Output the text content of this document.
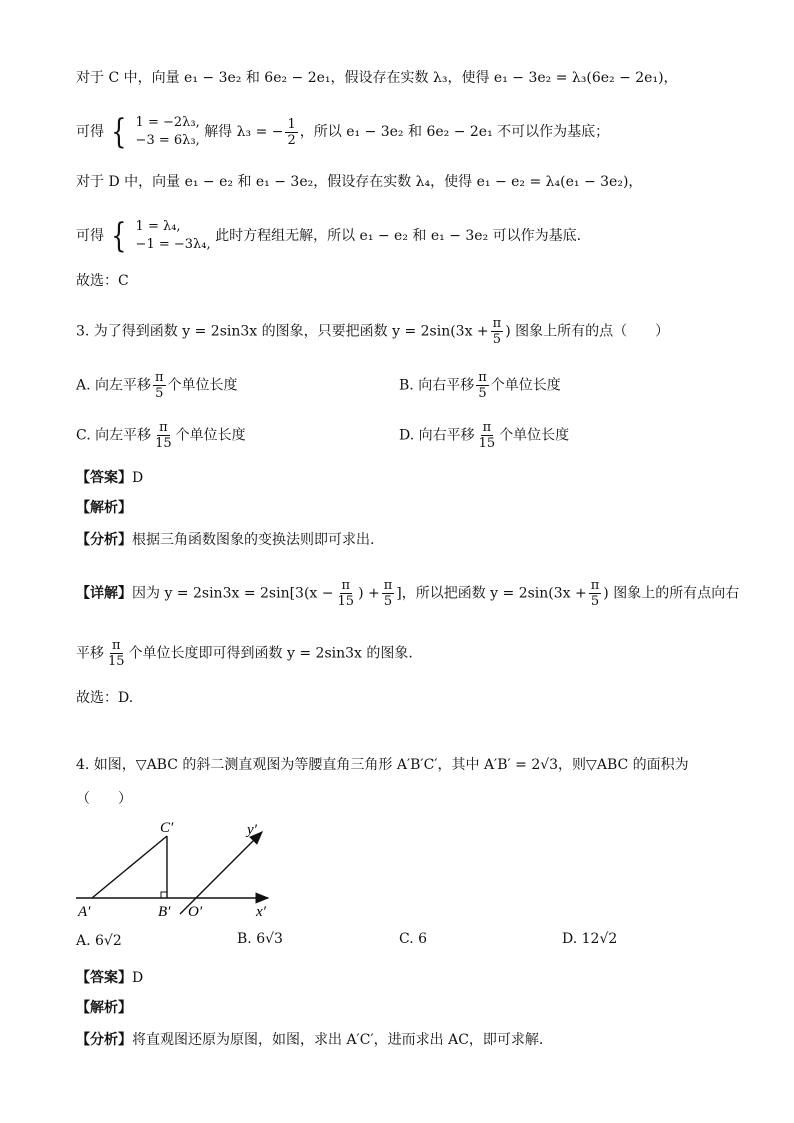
对于 C 中，向量 e₁ − 3e₂ 和 6e₂ − 2e₁，假设存在实数 λ₃，使得 e₁ − 3e₂ = λ₃(6e₂ − 2e₁)，
可得 { 1 = −2λ₃,
−3 = 6λ₃,
解得 λ₃ = − $\frac{1}{2}$ ，所以 e₁ − 3e₂ 和 6e₂ − 2e₁ 不可以作为基底；
对于 D 中，向量 e₁ − e₂ 和 e₁ − 3e₂，假设存在实数 λ₄，使得 e₁ − e₂ = λ₄(e₁ − 3e₂)，
可得 { 1 = λ₄,
−1 = −3λ₄,
此时方程组无解，所以 e₁ − e₂ 和 e₁ − 3e₂ 可以作为基底.
故选：C
3. 为了得到函数 y = 2sin3x 的图象，只要把函数 $y = 2\sin(3x + \frac{\pi}{5}$ ) 图象上所有的点（　　）
A. 向左平移 $\frac{\pi}{5}$ 个单位长度	B. 向右平移 $\frac{\pi}{5}$ 个单位长度
C. 向左平移 $\frac{\pi}{15}$ 个单位长度	D. 向右平移 $\frac{\pi}{15}$ 个单位长度
【答案】D
【解析】
【分析】根据三角函数图象的变换法则即可求出.
【详解】因为 $y = 2\sin 3x = 2\sin[3(x - \frac{\pi}{15}$ ) + $\frac{\pi}{5}$ ]，所以把函数 $y = 2\sin(3x + \frac{\pi}{5}$ ) 图象上的所有点向右
平移 $\frac{\pi}{15}$ 个单位长度即可得到函数 y = 2sin3x 的图象.
故选：D.
4. 如图，▽ABC 的斜二测直观图为等腰直角三角形 A′B′C′，其中 A′B′ = 2√3，则▽ABC 的面积为
（　　）
C′	y′
A′	B′ O′	x′
A. 6√2	B. 6√3	C. 6	D. 12√2
【答案】D
【解析】
【分析】将直观图还原为原图，如图，求出 A′C′，进而求出 AC，即可求解.
